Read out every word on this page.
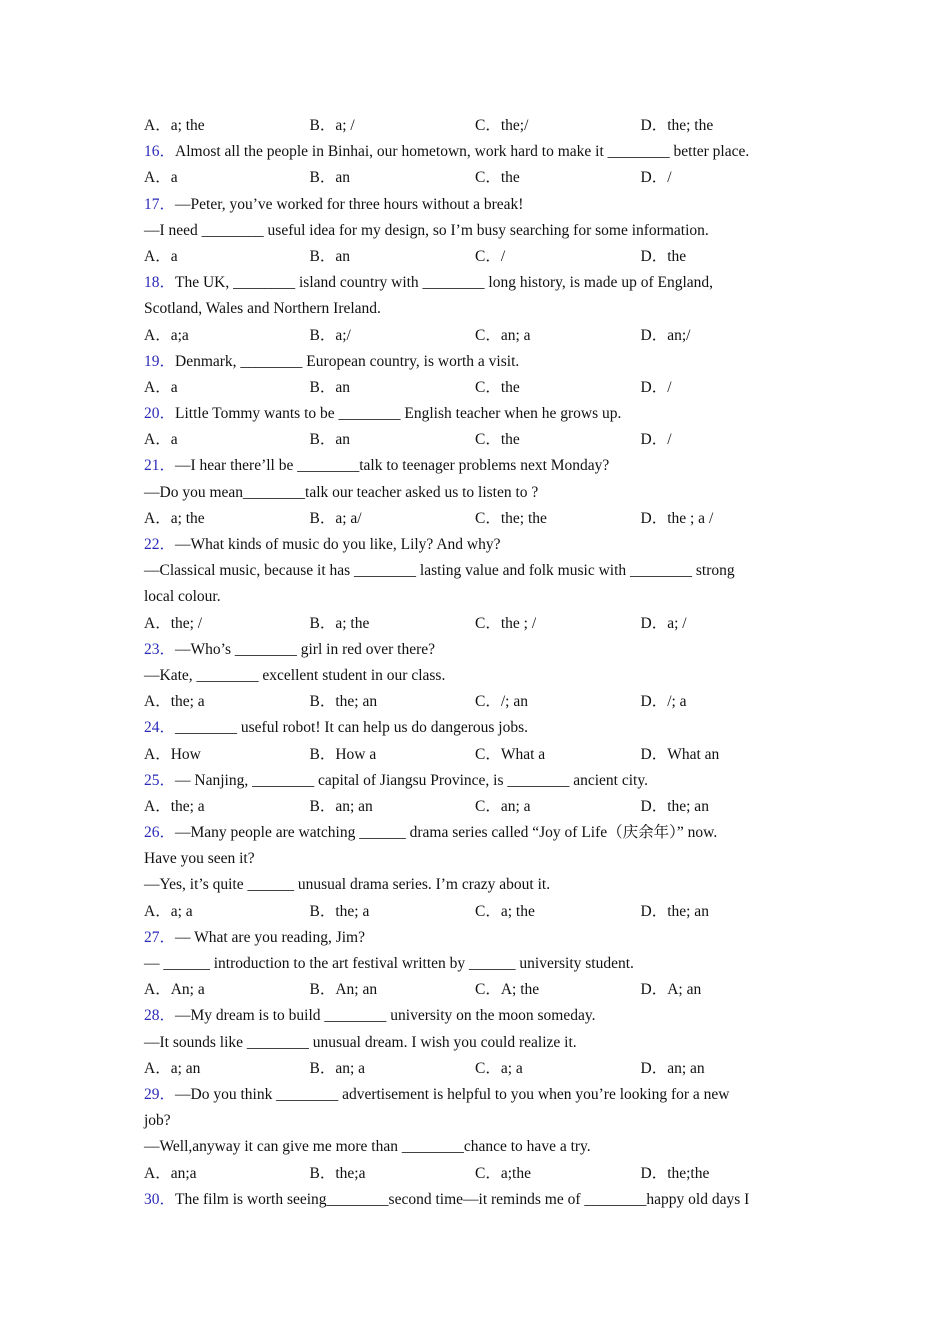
A．a; the	B．a; /	C．the;/	D．the; the
16．Almost all the people in Binhai, our hometown, work hard to make it ________ better place.
A．a	B．an	C．the	D．/
17．—Peter, you’ve worked for three hours without a break!
—I need ________ useful idea for my design, so I’m busy searching for some information.
A．a	B．an	C．/	D．the
18．The UK, ________ island country with ________ long history, is made up of England,
Scotland, Wales and Northern Ireland.
A．a;a	B．a;/	C．an; a	D．an;/
19．Denmark, ________ European country, is worth a visit.
A．a	B．an	C．the	D．/
20．Little Tommy wants to be ________ English teacher when he grows up.
A．a	B．an	C．the	D．/
21．—I hear there’ll be ________talk to teenager problems next Monday?
—Do you mean________talk our teacher asked us to listen to ?
A．a; the	B．a; a/	C．the; the	D．the ; a /
22．—What kinds of music do you like, Lily? And why?
—Classical music, because it has ________ lasting value and folk music with ________ strong
local colour.
A．the; /	B．a; the	C．the ; /	D．a; /
23．—Who’s ________ girl in red over there?
—Kate, ________ excellent student in our class.
A．the; a	B．the; an	C．/; an	D．/; a
24．________ useful robot! It can help us do dangerous jobs.
A．How	B．How a	C．What a	D．What an
25．— Nanjing, ________ capital of Jiangsu Province, is ________ ancient city.
A．the; a	B．an; an	C．an; a	D．the; an
26．—Many people are watching ______ drama series called “Joy of Life（庆余年）” now.
Have you seen it?
—Yes, it’s quite ______ unusual drama series. I’m crazy about it.
A．a; a	B．the; a	C．a; the	D．the; an
27．— What are you reading, Jim?
— ______ introduction to the art festival written by ______ university student.
A．An; a	B．An; an	C．A; the	D．A; an
28．—My dream is to build ________ university on the moon someday.
—It sounds like ________ unusual dream. I wish you could realize it.
A．a; an	B．an; a	C．a; a	D．an; an
29．—Do you think ________ advertisement is helpful to you when you’re looking for a new
job?
—Well,anyway it can give me more than ________chance to have a try.
A．an;a	B．the;a	C．a;the	D．the;the
30．The film is worth seeing________second time—it reminds me of ________happy old days I
